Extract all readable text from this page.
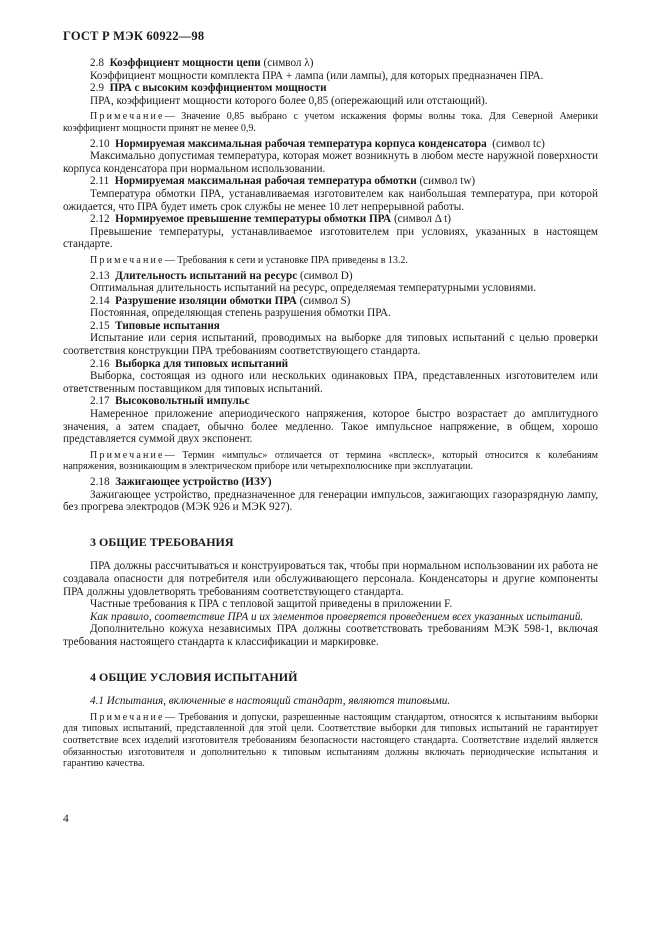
ГОСТ Р МЭК 60922—98

2.8 Коэффициент мощности цепи (символ λ)

Коэффициент мощности комплекта ПРА + лампа (или лампы), для которых предназначен ПРА.

2.9 ПРА с высоким коэффициентом мощности

ПРА, коэффициент мощности которого более 0,85 (опережающий или отстающий).

Примечание— Значение 0,85 выбрано с учетом искажения формы волны тока. Для Северной Америки коэффициент мощности принят не менее 0,9.

2.10 Нормируемая максимальная рабочая температура корпуса конденсатора (символ tc)

Максимально допустимая температура, которая может возникнуть в любом месте наружной поверхности корпуса конденсатора при нормальном использовании.

2.11 Нормируемая максимальная рабочая температура обмотки (символ tw)

Температура обмотки ПРА, устанавливаемая изготовителем как наибольшая температура, при которой ожидается, что ПРА будет иметь срок службы не менее 10 лет непрерывной работы.

2.12 Нормируемое превышение температуры обмотки ПРА (символ Δ t)

Превышение температуры, устанавливаемое изготовителем при условиях, указанных в настоящем стандарте.

Примечание— Требования к сети и установке ПРА приведены в 13.2.

2.13 Длительность испытаний на ресурс (символ D)

Оптимальная длительность испытаний на ресурс, определяемая температурными условиями.

2.14 Разрушение изоляции обмотки ПРА (символ S)

Постоянная, определяющая степень разрушения обмотки ПРА.

2.15 Типовые испытания

Испытание или серия испытаний, проводимых на выборке для типовых испытаний с целью проверки соответствия конструкции ПРА требованиям соответствующего стандарта.

2.16 Выборка для типовых испытаний

Выборка, состоящая из одного или нескольких одинаковых ПРА, представленных изготовителем или ответственным поставщиком для типовых испытаний.

2.17 Высоковольтный импульс

Намеренное приложение апериодического напряжения, которое быстро возрастает до амплитудного значения, а затем спадает, обычно более медленно. Такое импульсное напряжение, в общем, хорошо представляется суммой двух экспонент.

Примечание— Термин «импульс» отличается от термина «всплеск», который относится к колебаниям напряжения, возникающим в электрическом приборе или четырехполюснике при эксплуатации.

2.18 Зажигающее устройство (ИЗУ)

Зажигающее устройство, предназначенное для генерации импульсов, зажигающих газоразрядную лампу, без прогрева электродов (МЭК 926 и МЭК 927).

3 ОБЩИЕ ТРЕБОВАНИЯ

ПРА должны рассчитываться и конструироваться так, чтобы при нормальном использовании их работа не создавала опасности для потребителя или обслуживающего персонала. Конденсаторы и другие компоненты ПРА должны удовлетворять требованиям соответствующего стандарта.

Частные требования к ПРА с тепловой защитой приведены в приложении F.

Как правило, соответствие ПРА и их элементов проверяется проведением всех указанных испытаний.

Дополнительно кожуха независимых ПРА должны соответствовать требованиям МЭК 598-1, включая требования настоящего стандарта к классификации и маркировке.

4 ОБЩИЕ УСЛОВИЯ ИСПЫТАНИЙ

4.1 Испытания, включенные в настоящий стандарт, являются типовыми.

Примечание— Требования и допуски, разрешенные настоящим стандартом, относятся к испытаниям выборки для типовых испытаний, представленной для этой цели. Соответствие выборки для типовых испытаний не гарантирует соответствие всех изделий изготовителя требованиям безопасности настоящего стандарта. Соответствие изделий является обязанностью изготовителя и дополнительно к типовым испытаниям должны включать периодические испытания и гарантию качества.

4
